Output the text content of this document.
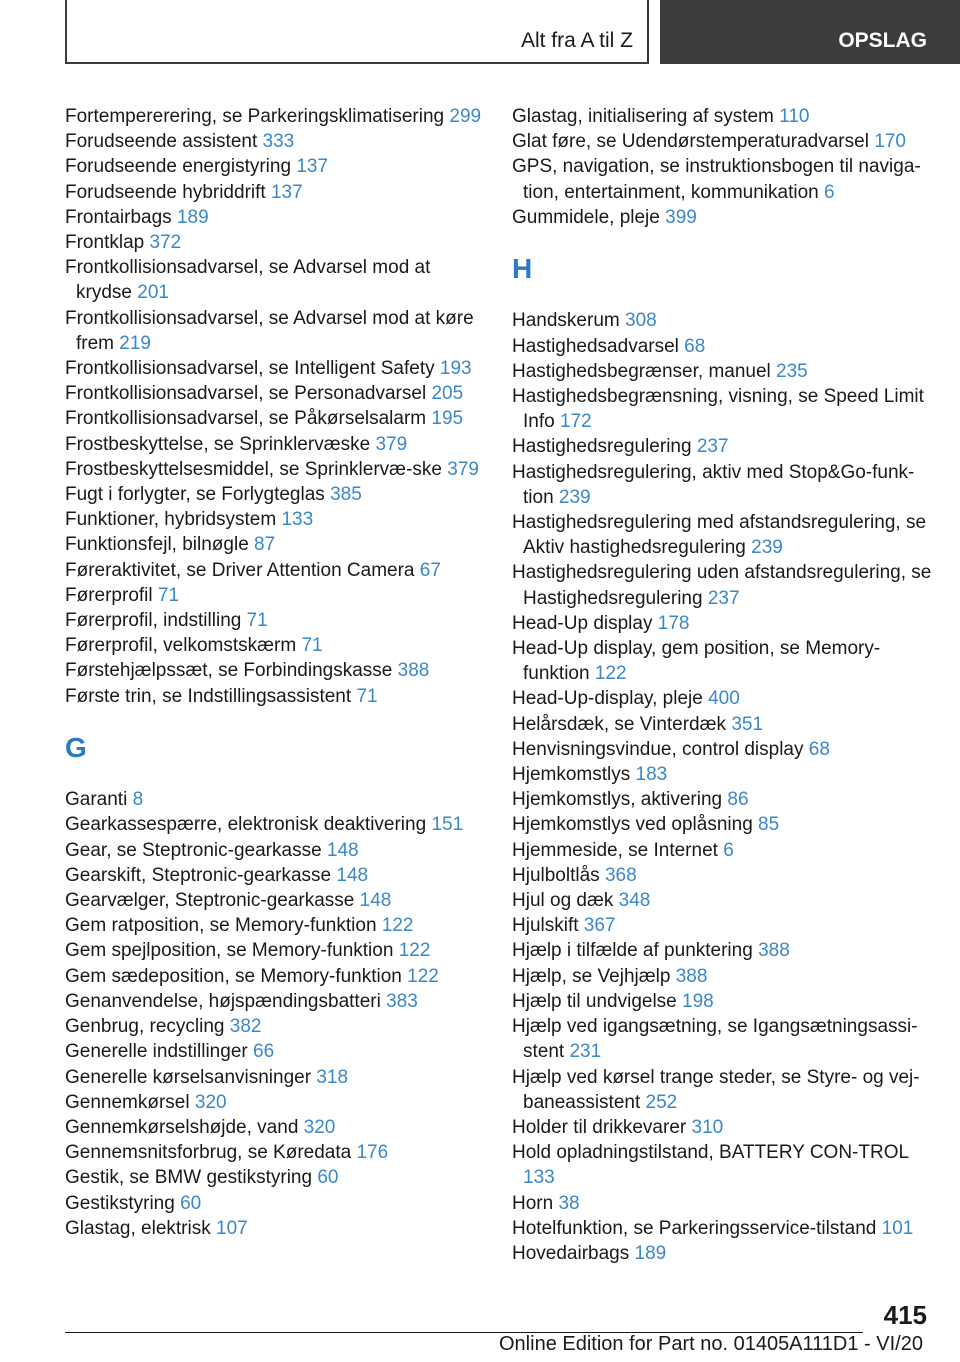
Alt fra A til Z	OPSLAG
Fortempererering, se Parkeringsklimatisering 299
Forudseende assistent 333
Forudseende energistyring 137
Forudseende hybriddrift 137
Frontairbags 189
Frontklap 372
Frontkollisionsadvarsel, se Advarsel mod at krydse 201
Frontkollisionsadvarsel, se Advarsel mod at køre frem 219
Frontkollisionsadvarsel, se Intelligent Safety 193
Frontkollisionsadvarsel, se Personadvarsel 205
Frontkollisionsadvarsel, se Påkørselsalarm 195
Frostbeskyttelse, se Sprinklervæske 379
Frostbeskyttelsesmiddel, se Sprinklervæ-ske 379
Fugt i forlygter, se Forlygteglas 385
Funktioner, hybridsystem 133
Funktionsfejl, bilnøgle 87
Føreraktivitet, se Driver Attention Camera 67
Førerprofil 71
Førerprofil, indstilling 71
Førerprofil, velkomstskærm 71
Førstehjælpssæt, se Forbindingskasse 388
Første trin, se Indstillingsassistent 71
G
Garanti 8
Gearkassespærre, elektronisk deaktivering 151
Gear, se Steptronic-gearkasse 148
Gearskift, Steptronic-gearkasse 148
Gearvælger, Steptronic-gearkasse 148
Gem ratposition, se Memory-funktion 122
Gem spejlposition, se Memory-funktion 122
Gem sædeposition, se Memory-funktion 122
Genanvendelse, højspændingsbatteri 383
Genbrug, recycling 382
Generelle indstillinger 66
Generelle kørselsanvisninger 318
Gennemkørsel 320
Gennemkørselshøjde, vand 320
Gennemsnitsforbrug, se Køredata 176
Gestik, se BMW gestikstyring 60
Gestikstyring 60
Glastag, elektrisk 107
Glastag, initialisering af system 110
Glat føre, se Udendørstemperaturadvarsel 170
GPS, navigation, se instruktionsbogen til naviga-tion, entertainment, kommunikation 6
Gummidele, pleje 399
H
Handskerum 308
Hastighedsadvarsel 68
Hastighedsbegrænser, manuel 235
Hastighedsbegrænsning, visning, se Speed Limit Info 172
Hastighedsregulering 237
Hastighedsregulering, aktiv med Stop&Go-funk-tion 239
Hastighedsregulering med afstandsregulering, se Aktiv hastighedsregulering 239
Hastighedsregulering uden afstandsregulering, se Hastighedsregulering 237
Head-Up display 178
Head-Up display, gem position, se Memory-funktion 122
Head-Up-display, pleje 400
Helårsdæk, se Vinterdæk 351
Henvisningsvindue, control display 68
Hjemkomstlys 183
Hjemkomstlys, aktivering 86
Hjemkomstlys ved oplåsning 85
Hjemmeside, se Internet 6
Hjulboltlås 368
Hjul og dæk 348
Hjulskift 367
Hjælp i tilfælde af punktering 388
Hjælp, se Vejhjælp 388
Hjælp til undvigelse 198
Hjælp ved igangsætning, se Igangsætningsassi-stent 231
Hjælp ved kørsel trange steder, se Styre- og vej-baneassistent 252
Holder til drikkevarer 310
Hold opladningstilstand, BATTERY CON-TROL 133
Horn 38
Hotelfunktion, se Parkeringsservice-tilstand 101
Hovedairbags 189
415
Online Edition for Part no. 01405A111D1 - VI/20
